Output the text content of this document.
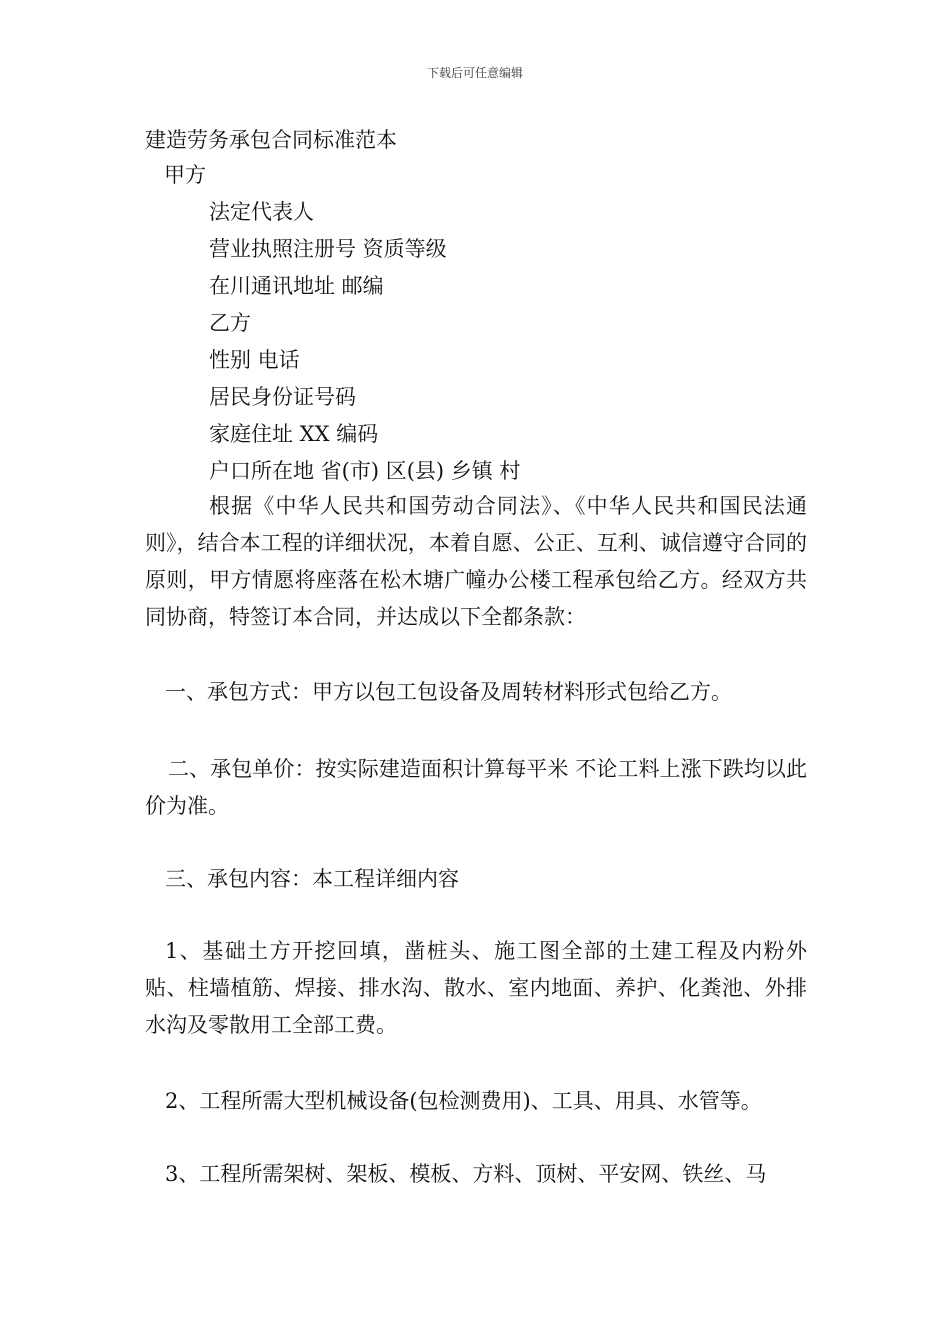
下载后可任意编辑
建造劳务承包合同标准范本
甲方
法定代表人
营业执照注册号 资质等级
在川通讯地址 邮编
乙方
性别 电话
居民身份证号码
家庭住址 XX 编码
户口所在地 省(市) 区(县) 乡镇 村
根据《中华人民共和国劳动合同法》、《中华人民共和国民法通则》，结合本工程的详细状况，本着自愿、公正、互利、诚信遵守合同的原则，甲方情愿将座落在松木塘广幢办公楼工程承包给乙方。经双方共同协商，特签订本合同，并达成以下全都条款：
一、承包方式：甲方以包工包设备及周转材料形式包给乙方。
二、承包单价：按实际建造面积计算每平米 不论工料上涨下跌均以此价为准。
三、承包内容：本工程详细内容
1、基础土方开挖回填，凿桩头、施工图全部的土建工程及内粉外贴、柱墙植筋、焊接、排水沟、散水、室内地面、养护、化粪池、外排水沟及零散用工全部工费。
2、工程所需大型机械设备(包检测费用)、工具、用具、水管等。
3、工程所需架树、架板、模板、方料、顶树、平安网、铁丝、马
